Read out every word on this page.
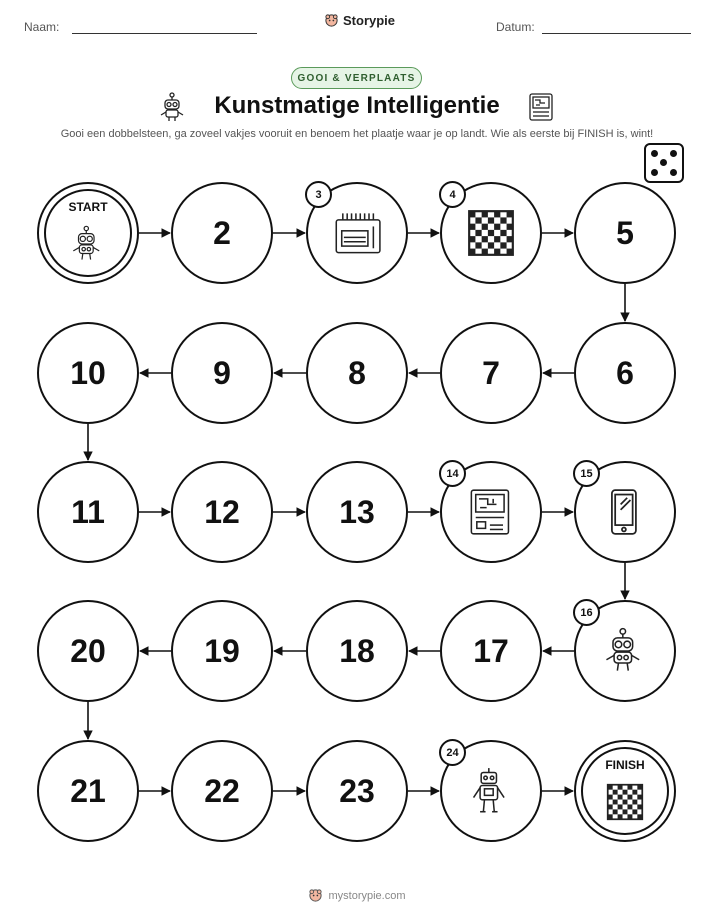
Naam:	Storypie	Datum:
GOOI & VERPLAATS
Kunstmatige Intelligentie
Gooi een dobbelsteen, ga zoveel vakjes vooruit en benoem het plaatje waar je op landt. Wie als eerste bij FINISH is, wint!
START
2
3	4
5
6
7
8
9
10
11	12	13
14	15
16
17
18
19
20
21	22	23
24
FINISH
mystorypie.com
